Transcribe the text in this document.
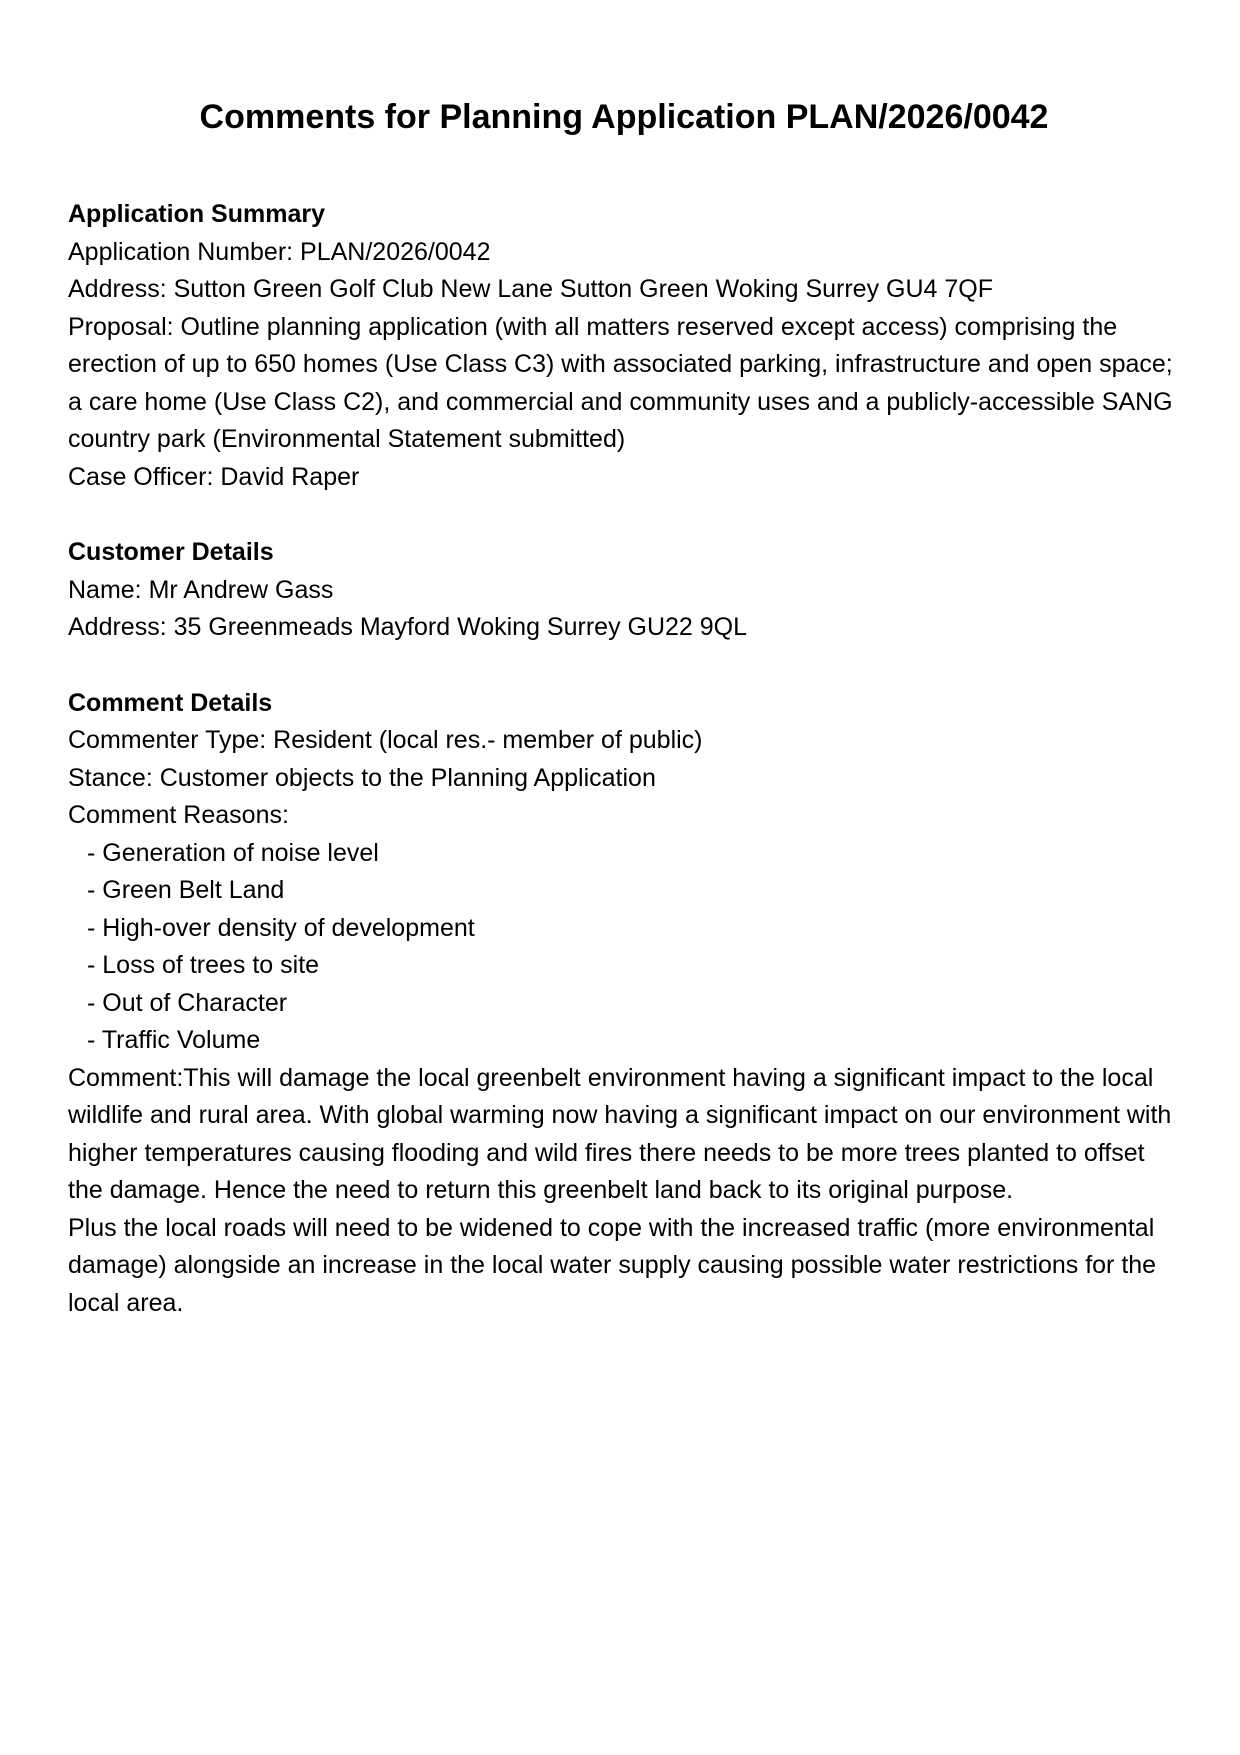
Comments for Planning Application PLAN/2026/0042
Application Summary

Application Number: PLAN/2026/0042

Address: Sutton Green Golf Club New Lane Sutton Green Woking Surrey GU4 7QF

Proposal: Outline planning application (with all matters reserved except access) comprising the erection of up to 650 homes (Use Class C3) with associated parking, infrastructure and open space; a care home (Use Class C2), and commercial and community uses and a publicly-accessible SANG country park (Environmental Statement submitted)

Case Officer: David Raper

Customer Details

Name: Mr Andrew Gass

Address: 35 Greenmeads Mayford Woking Surrey GU22 9QL

Comment Details

Commenter Type: Resident (local res.- member of public)

Stance: Customer objects to the Planning Application

Comment Reasons:

- Generation of noise level
- Green Belt Land
- High-over density of development
- Loss of trees to site
- Out of Character
- Traffic Volume

Comment:This will damage the local greenbelt environment having a significant impact to the local wildlife and rural area. With global warming now having a significant impact on our environment with higher temperatures causing flooding and wild fires there needs to be more trees planted to offset the damage. Hence the need to return this greenbelt land back to its original purpose.
Plus the local roads will need to be widened to cope with the increased traffic (more environmental damage) alongside an increase in the local water supply causing possible water restrictions for the local area.
